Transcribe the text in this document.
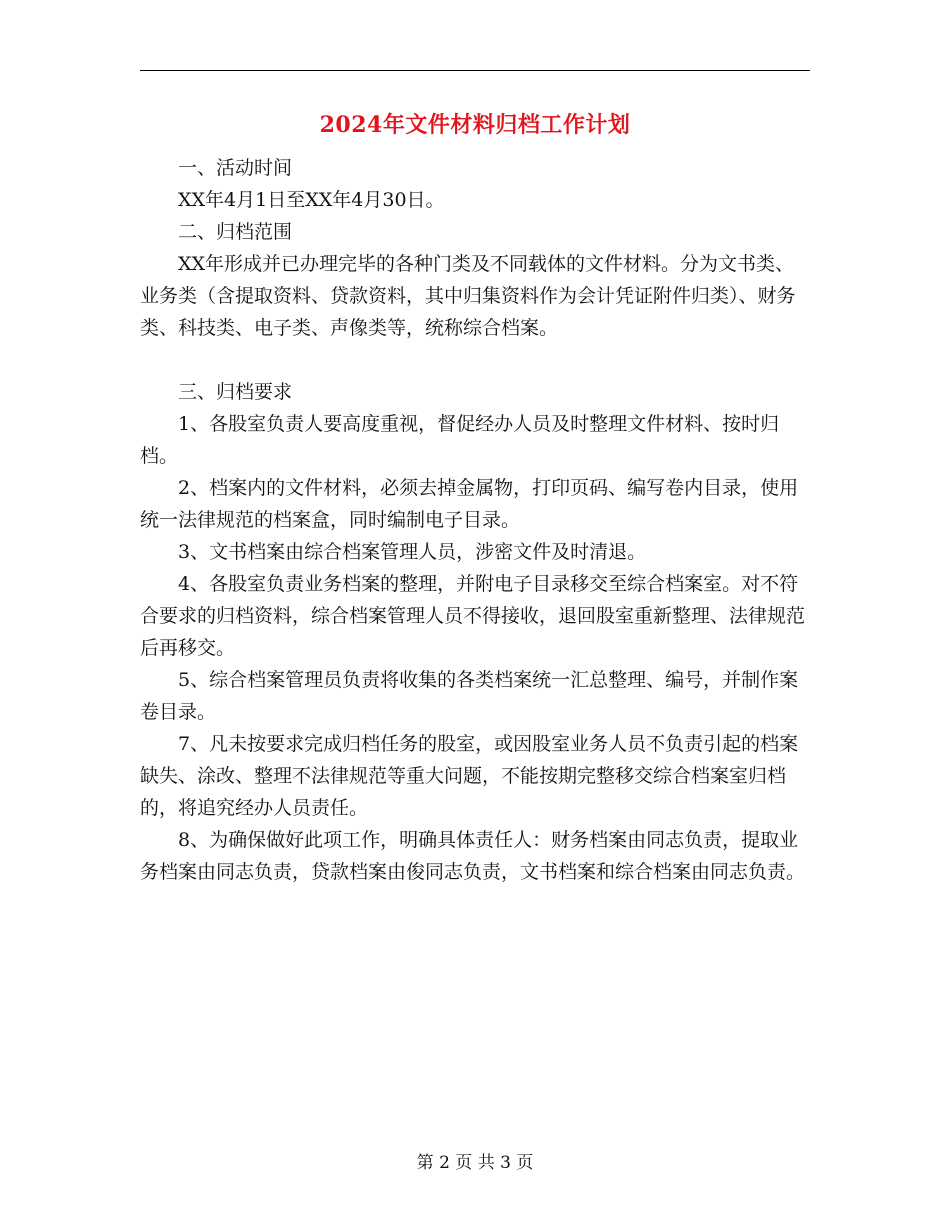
2024年文件材料归档工作计划

一、活动时间

XX年4月1日至XX年4月30日。

二、归档范围

XX年形成并已办理完毕的各种门类及不同载体的文件材料。分为文书类、业务类（含提取资料、贷款资料，其中归集资料作为会计凭证附件归类）、财务类、科技类、电子类、声像类等，统称综合档案。

三、归档要求

1、各股室负责人要高度重视，督促经办人员及时整理文件材料、按时归档。

2、档案内的文件材料，必须去掉金属物，打印页码、编写卷内目录，使用统一法律规范的档案盒，同时编制电子目录。

3、文书档案由综合档案管理人员，涉密文件及时清退。

4、各股室负责业务档案的整理，并附电子目录移交至综合档案室。对不符合要求的归档资料，综合档案管理人员不得接收，退回股室重新整理、法律规范后再移交。

5、综合档案管理员负责将收集的各类档案统一汇总整理、编号，并制作案卷目录。

7、凡未按要求完成归档任务的股室，或因股室业务人员不负责引起的档案缺失、涂改、整理不法律规范等重大问题，不能按期完整移交综合档案室归档的，将追究经办人员责任。

8、为确保做好此项工作，明确具体责任人：财务档案由同志负责，提取业务档案由同志负责，贷款档案由俊同志负责，文书档案和综合档案由同志负责。

第 2 页 共 3 页
